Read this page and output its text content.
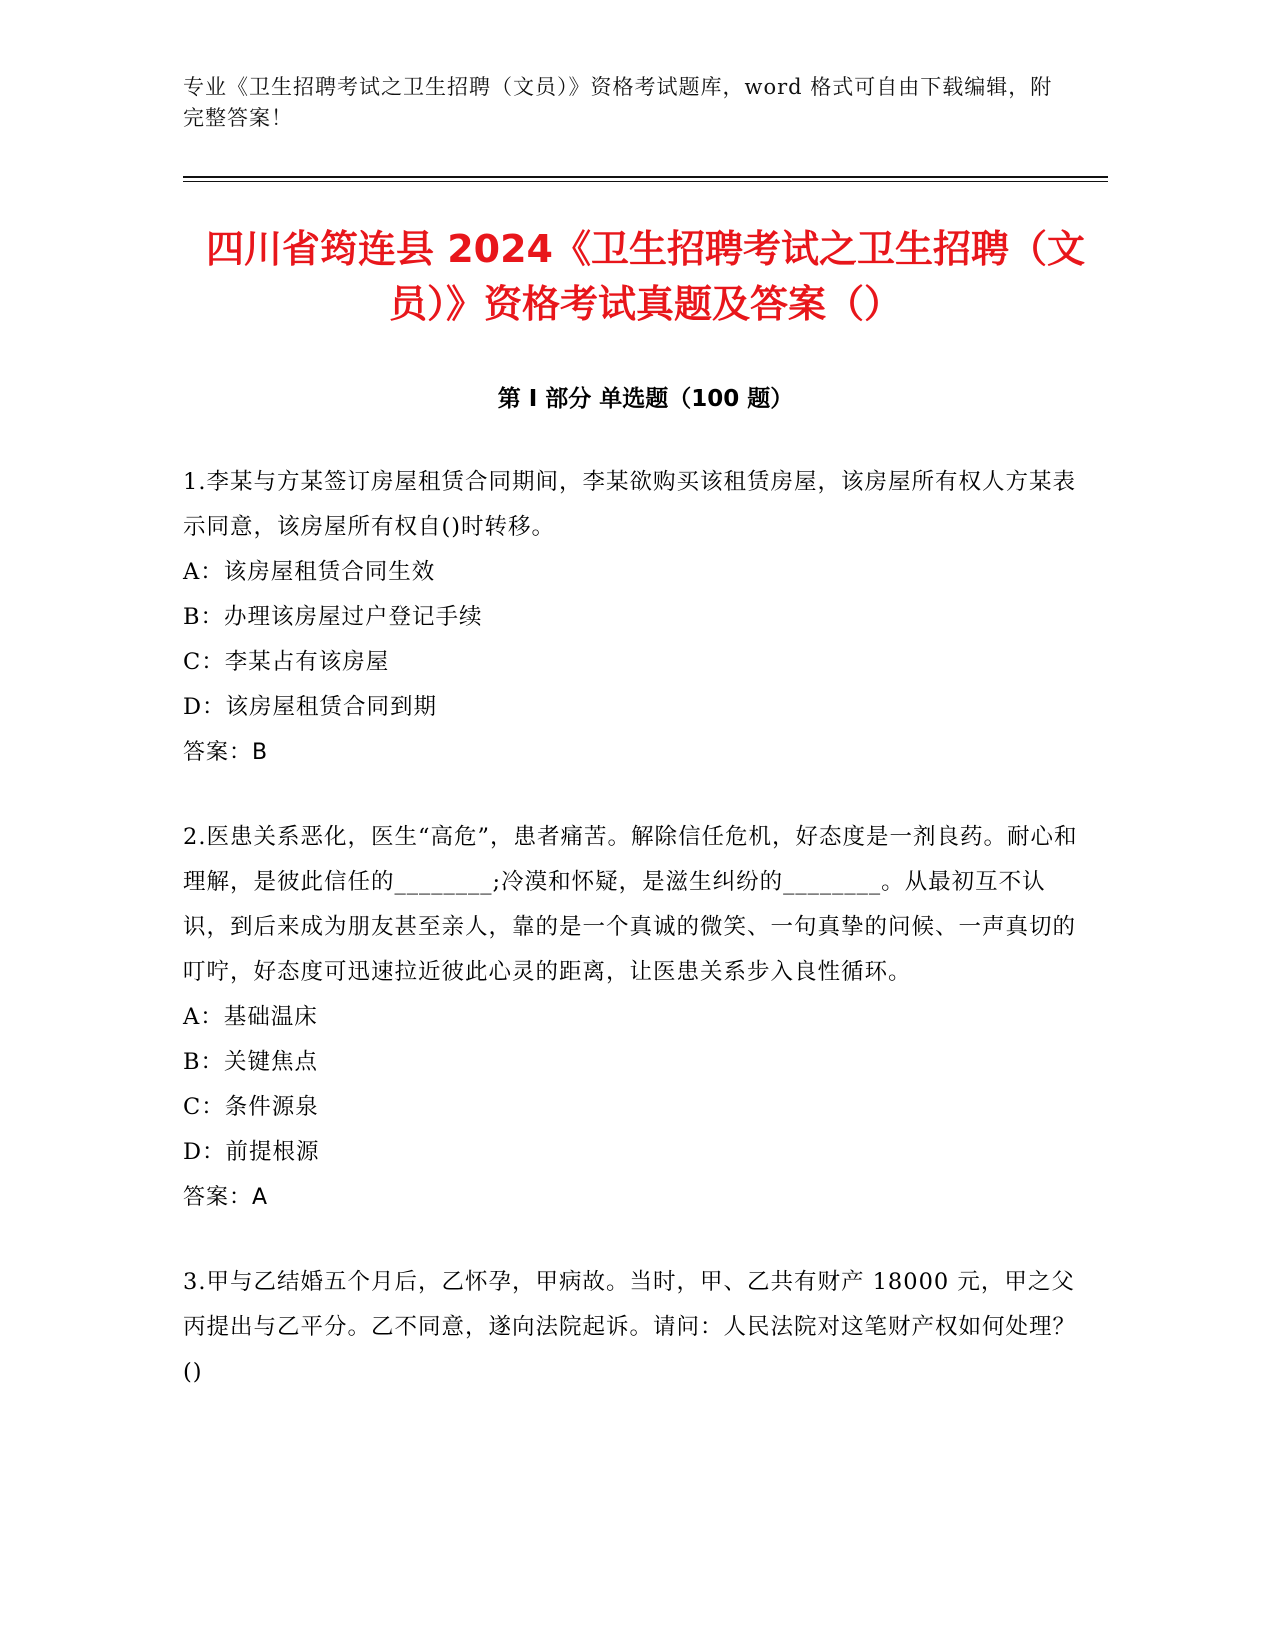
专业《卫生招聘考试之卫生招聘（文员）》资格考试题库，word 格式可自由下载编辑，附完整答案！
四川省筠连县 2024《卫生招聘考试之卫生招聘（文员）》资格考试真题及答案（）
第 I 部分 单选题（100 题）

1.李某与方某签订房屋租赁合同期间，李某欲购买该租赁房屋，该房屋所有权人方某表示同意，该房屋所有权自()时转移。

A：该房屋租赁合同生效

B：办理该房屋过户登记手续

C：李某占有该房屋

D：该房屋租赁合同到期

答案：B

2.医患关系恶化，医生“高危”，患者痛苦。解除信任危机，好态度是一剂良药。耐心和理解，是彼此信任的________;冷漠和怀疑，是滋生纠纷的________。从最初互不认识，到后来成为朋友甚至亲人，靠的是一个真诚的微笑、一句真挚的问候、一声真切的叮咛，好态度可迅速拉近彼此心灵的距离，让医患关系步入良性循环。

A：基础温床

B：关键焦点

C：条件源泉

D：前提根源

答案：A

3.甲与乙结婚五个月后，乙怀孕，甲病故。当时，甲、乙共有财产 18000 元，甲之父丙提出与乙平分。乙不同意，遂向法院起诉。请问：人民法院对这笔财产权如何处理？()
